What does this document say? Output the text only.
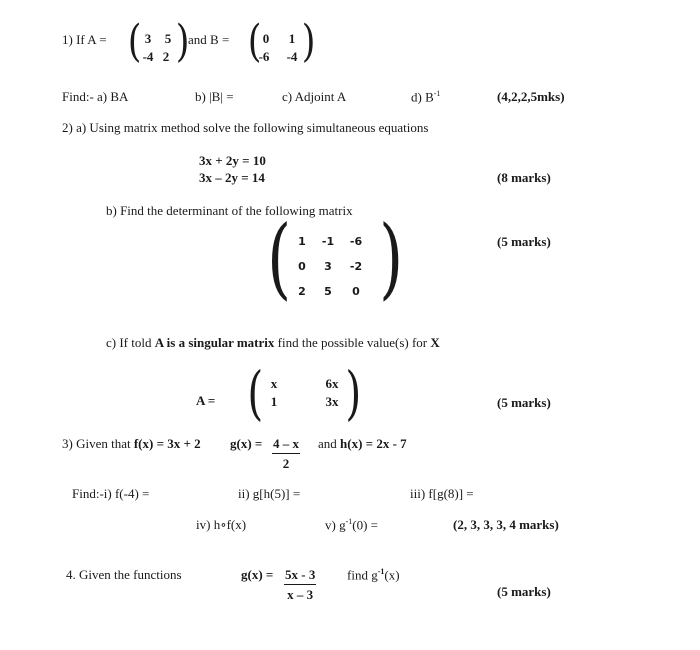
1) If A = ( 3	5
-4 2 )
and B = ( 0	1
-6	-4 )
Find:- a) BA	b) |B| =	c) Adjoint A	d) $B^{-1}$	(4,2,2,5mks)
2) a) Using matrix method solve the following simultaneous equations
3x + 2y = 10
3x – 2y = 14	(8 marks)
b) Find the determinant of the following matrix
( 1	-1	-6
0	3	-2
2	5	0 )	(5 marks)
c) If told A is a singular matrix find the possible value(s) for X
A = ( x	6x
1	3x )	(5 marks)
3) Given that f(x) = 3x + 2 $g(x) = \frac{4 - x}{2}$ and h(x) = 2x - 7
Find:-i) f(-4) =	ii) g[h(5)] =	iii) f[g(8)] =
iv) h∘f(x)	v) $g^{-1}(0)$ =	(2, 3, 3, 3, 4 marks)
4. Given the functions	$g(x) = \frac{5x - 3}{x - 3}$ find $g^{-1}(x)$
(5 marks)
